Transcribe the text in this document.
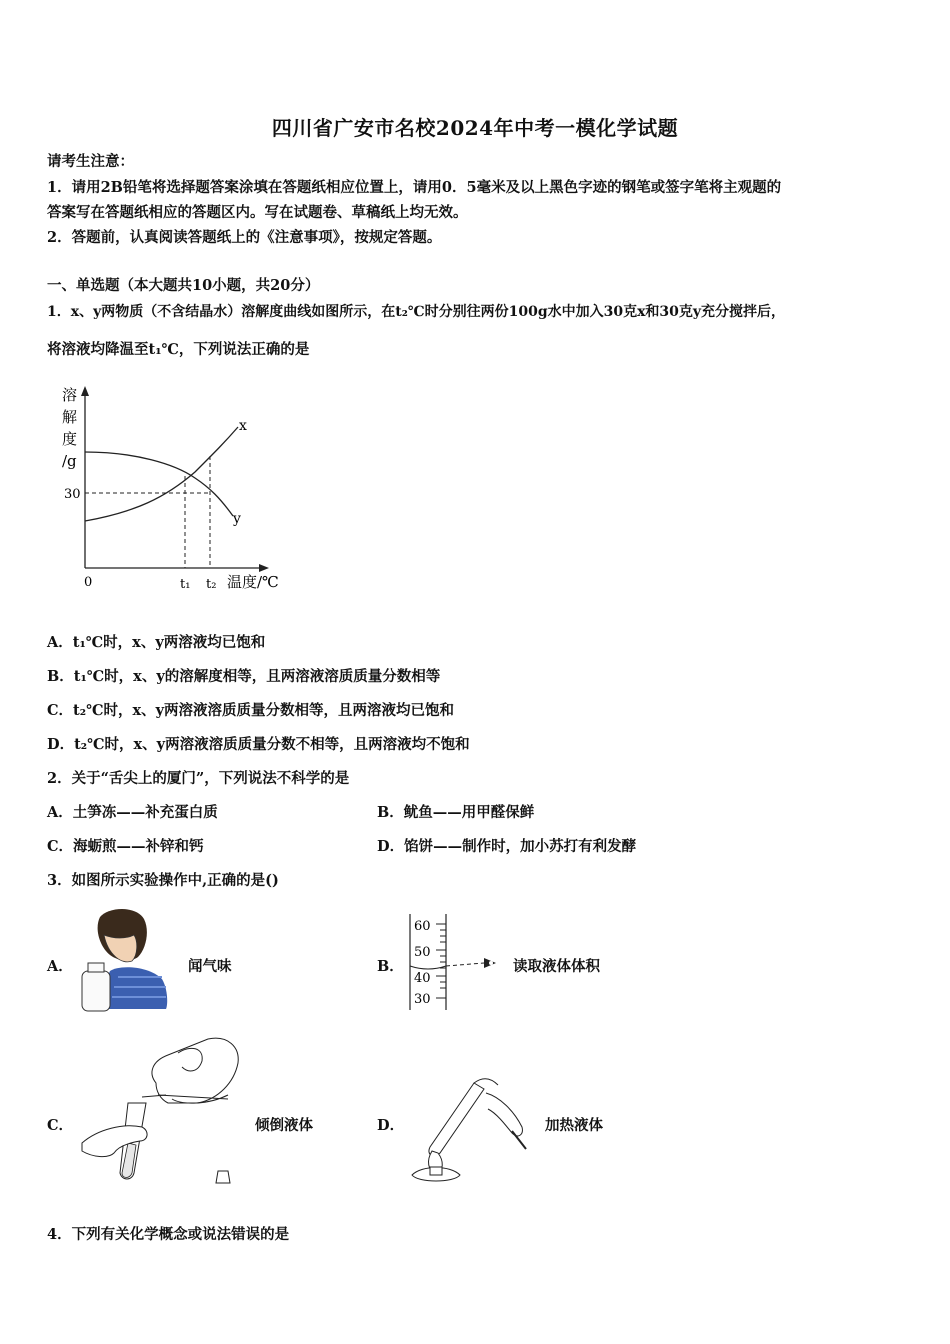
四川省广安市名校2024年中考一模化学试题
请考生注意：
1．请用2B铅笔将选择题答案涂填在答题纸相应位置上，请用0．5毫米及以上黑色字迹的钢笔或签字笔将主观题的
答案写在答题纸相应的答题区内。写在试题卷、草稿纸上均无效。
2．答题前，认真阅读答题纸上的《注意事项》，按规定答题。
一、单选题（本大题共10小题，共20分）
1．x、y两物质（不含结晶水）溶解度曲线如图所示，在t₂℃时分别往两份100g水中加入30克x和30克y充分搅拌后，
将溶液均降温至t₁℃，下列说法正确的是
溶
解
度
/g
30
x
y
0	t₁ t₂ 温度/℃
A．t₁℃时，x、y两溶液均已饱和
B．t₁℃时，x、y的溶解度相等，且两溶液溶质质量分数相等
C．t₂℃时，x、y两溶液溶质质量分数相等，且两溶液均已饱和
D．t₂℃时，x、y两溶液溶质质量分数不相等，且两溶液均不饱和
2．关于“舌尖上的厦门”，下列说法不科学的是
A．土笋冻——补充蛋白质	B．鱿鱼——用甲醛保鲜
C．海蛎煎——补锌和钙	D．馅饼——制作时，加小苏打有利发酵
3．如图所示实验操作中,正确的是()
A．	闻气味	B．
60
50
40
30
读取液体体积
C．	倾倒液体	D．	加热液体
4．下列有关化学概念或说法错误的是
